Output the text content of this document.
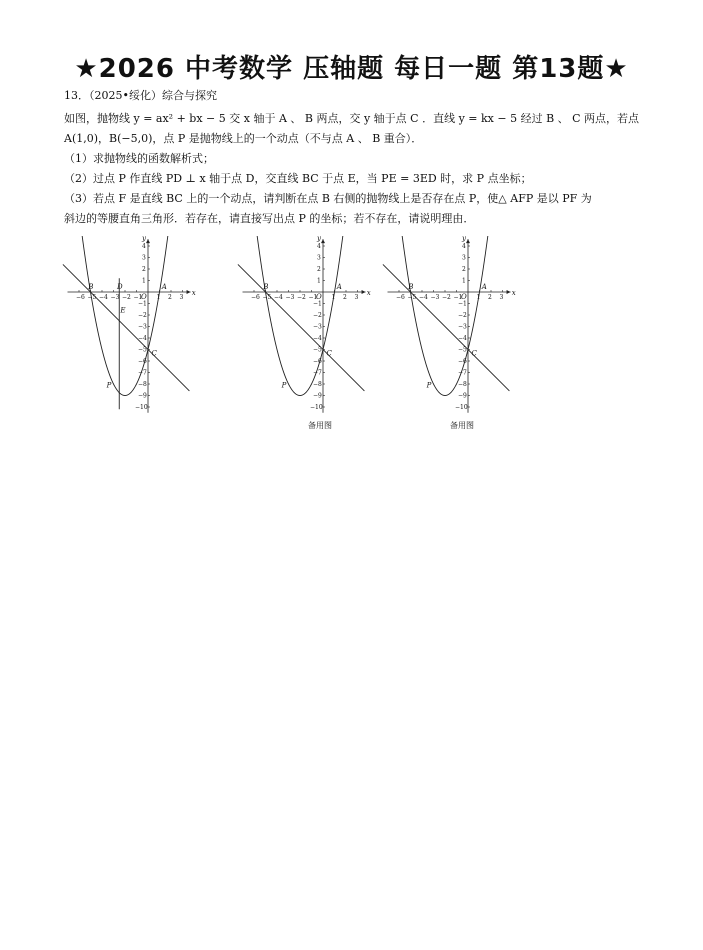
★2026 中考数学 压轴题 每日一题 第13题★

13．（2025•绥化）综合与探究

如图，抛物线 y = ax² + bx − 5 交 x 轴于 A 、 B 两点，交 y 轴于点 C ．直线 y = kx − 5 经过 B 、 C 两点，若点

A(1,0)，B(−5,0)，点 P 是抛物线上的一个动点（不与点 A 、 B 重合）．

（1）求抛物线的函数解析式；

（2）过点 P 作直线 PD ⊥ x 轴于点 D，交直线 BC 于点 E，当 PE = 3ED 时，求 P 点坐标；

（3）若点 F 是直线 BC 上的一个动点，请判断在点 B 右侧的抛物线上是否存在点 P，使△ AFP 是以 PF 为

斜边的等腰直角三角形．若存在，请直接写出点 P 的坐标；若不存在，请说明理由．

x
y
O
−6 −5 −4 −3 −2 −1 1 2 3
4
3
2
1
−1
−2
−3
−4
−5
−6
−7
−8
−9
−10
B	A
D
E
C
P
x
y
O
−6 −5 −4 −3 −2 −1 1 2 3
4
3
2
1
−1
−2
−3
−4
−5
−6
−7
−8
−9
−10
B	A
C
P
x
y
O
−6 −5 −4 −3 −2 −1 1 2 3
4
3
2
1
−1
−2
−3
−4
−5
−6
−7
−8
−9
−10
B	A
C
P
备用图	备用图
